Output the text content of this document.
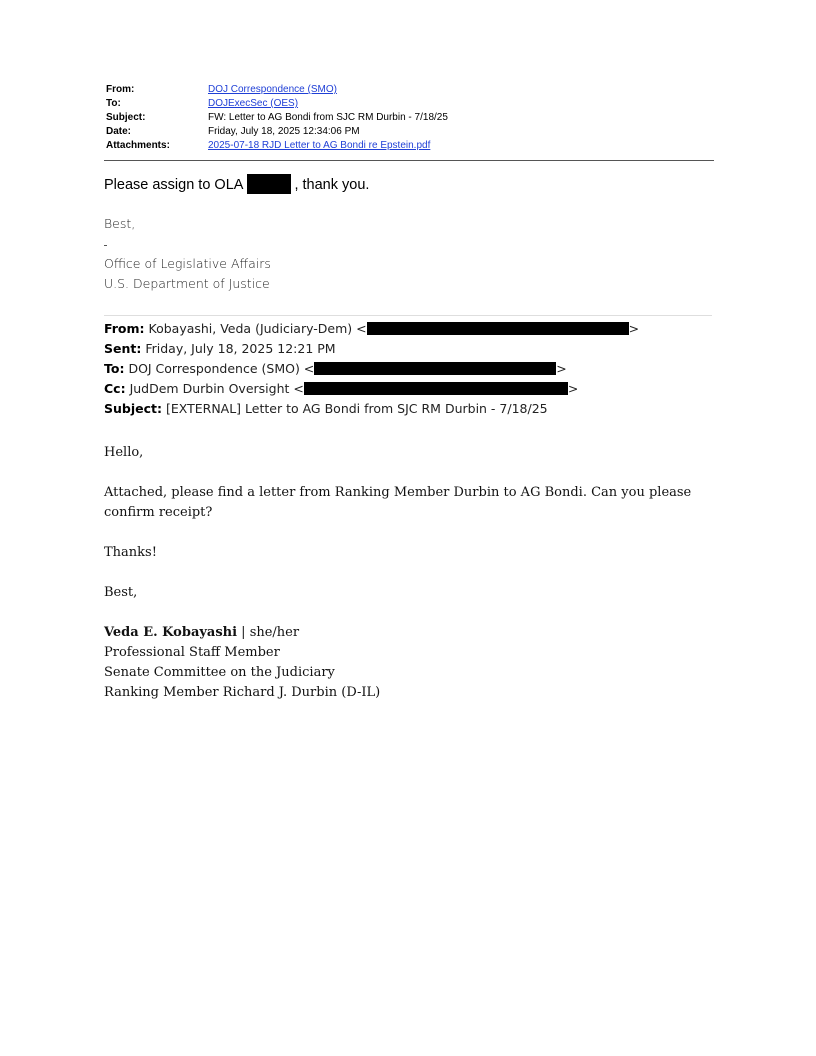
From:	DOJ Correspondence (SMO)
To:	DOJExecSec (OES)
Subject:	FW: Letter to AG Bondi from SJC RM Durbin - 7/18/25
Date:	Friday, July 18, 2025 12:34:06 PM
Attachments:	2025-07-18 RJD Letter to AG Bondi re Epstein.pdf
Please assign to OLA	, thank you.
Best,
Office of Legislative Affairs
U.S. Department of Justice
From: Kobayashi, Veda (Judiciary-Dem) <	>
Sent: Friday, July 18, 2025 12:21 PM
To: DOJ Correspondence (SMO) <	>
Cc: JudDem Durbin Oversight <	>
Subject: [EXTERNAL] Letter to AG Bondi from SJC RM Durbin - 7/18/25

Hello,

Attached, please find a letter from Ranking Member Durbin to AG Bondi. Can you please confirm receipt?

Thanks!

Best,

Veda E. Kobayashi | she/her

Professional Staff Member

Senate Committee on the Judiciary

Ranking Member Richard J. Durbin (D-IL)
